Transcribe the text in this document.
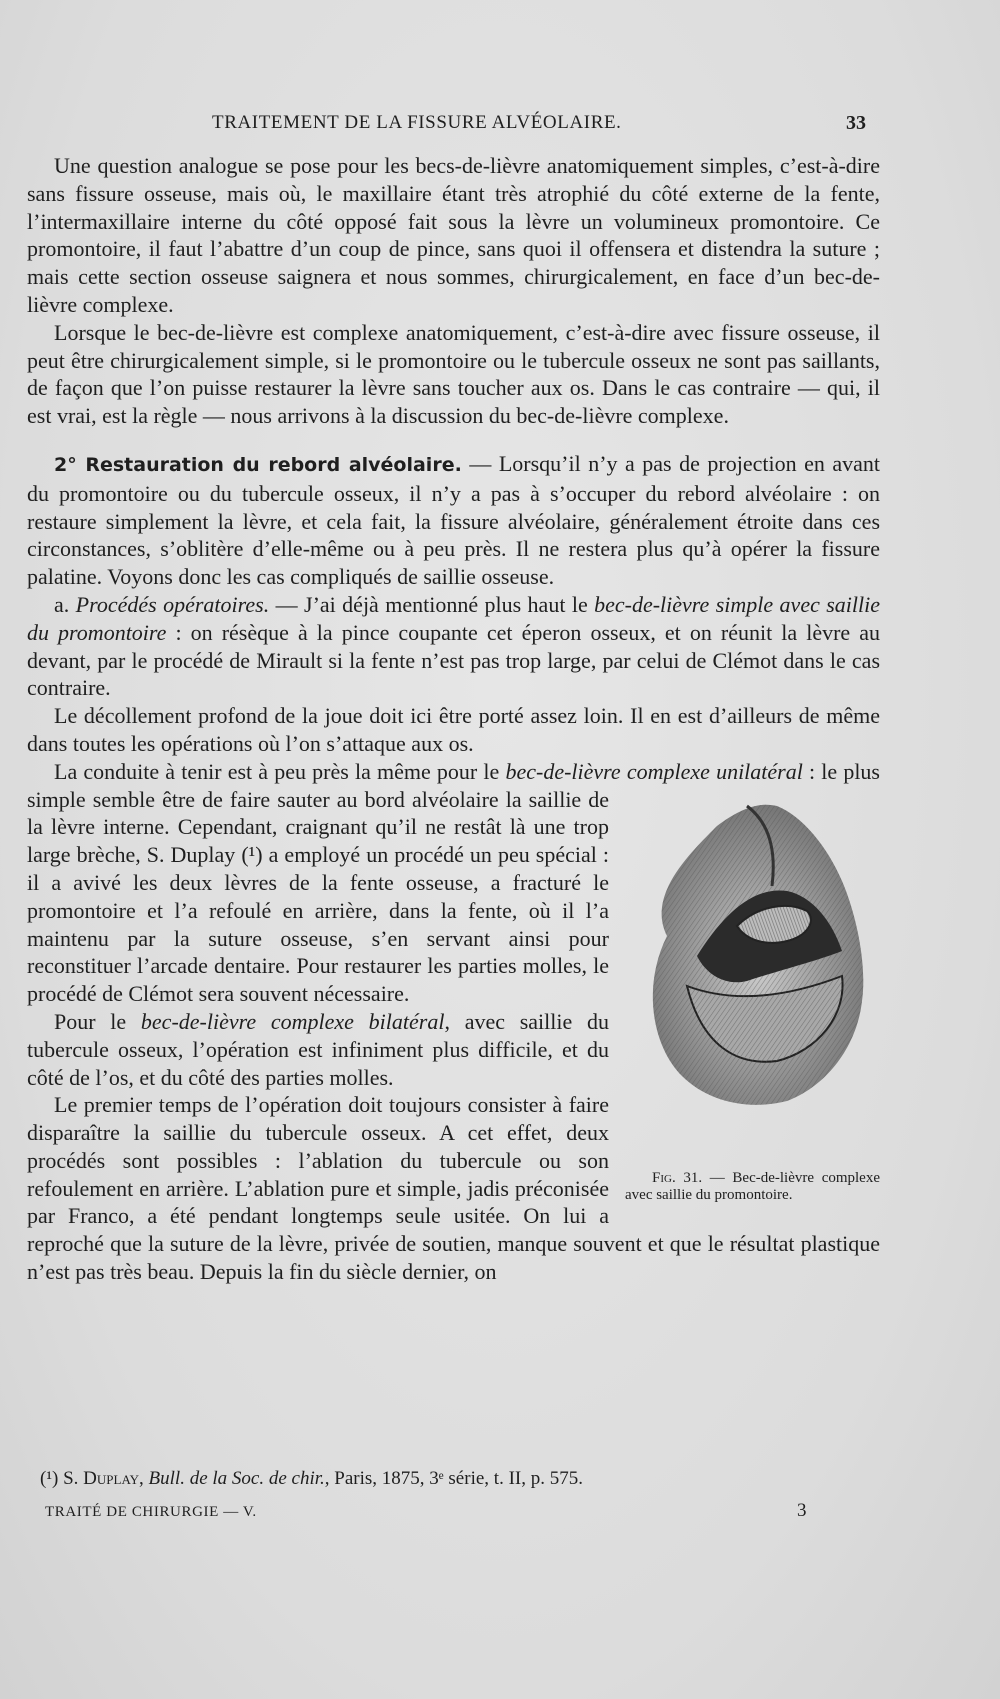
TRAITEMENT DE LA FISSURE ALVÉOLAIRE.	33

Une question analogue se pose pour les becs-de-lièvre anatomiquement simples, c’est-à-dire sans fissure osseuse, mais où, le maxillaire étant très atrophié du côté externe de la fente, l’intermaxillaire interne du côté opposé fait sous la lèvre un volumineux promontoire. Ce promontoire, il faut l’abattre d’un coup de pince, sans quoi il offensera et distendra la suture ; mais cette section osseuse saignera et nous sommes, chirurgicalement, en face d’un bec-de-lièvre complexe.

Lorsque le bec-de-lièvre est complexe anatomiquement, c’est-à-dire avec fissure osseuse, il peut être chirurgicalement simple, si le promontoire ou le tubercule osseux ne sont pas saillants, de façon que l’on puisse restaurer la lèvre sans toucher aux os. Dans le cas contraire — qui, il est vrai, est la règle — nous arrivons à la discussion du bec-de-lièvre complexe.

2° Restauration du rebord alvéolaire. — Lorsqu’il n’y a pas de projection en avant du promontoire ou du tubercule osseux, il n’y a pas à s’occuper du rebord alvéolaire : on restaure simplement la lèvre, et cela fait, la fissure alvéolaire, généralement étroite dans ces circonstances, s’oblitère d’elle-même ou à peu près. Il ne restera plus qu’à opérer la fissure palatine. Voyons donc les cas compliqués de saillie osseuse.

a. Procédés opératoires. — J’ai déjà mentionné plus haut le bec-de-lièvre simple avec saillie du promontoire : on résèque à la pince coupante cet éperon osseux, et on réunit la lèvre au devant, par le procédé de Mirault si la fente n’est pas trop large, par celui de Clémot dans le cas contraire.

Le décollement profond de la joue doit ici être porté assez loin. Il en est d’ailleurs de même dans toutes les opérations où l’on s’attaque aux os.

La conduite à tenir est à peu près la même pour le bec-de-lièvre complexe unilatéral
Fig. 31. — Bec-de-lièvre complexe avec saillie du promontoire.
: le plus simple semble être de faire sauter au bord alvéolaire la saillie de la lèvre interne. Cependant, craignant qu’il ne restât là une trop large brèche, S. Duplay (¹) a employé un procédé un peu spécial : il a avivé les deux lèvres de la fente osseuse, a fracturé le promontoire et l’a refoulé en arrière, dans la fente, où il l’a maintenu par la suture osseuse, s’en servant ainsi pour reconstituer l’arcade dentaire. Pour restaurer les parties molles, le procédé de Clémot sera souvent nécessaire.

Pour le bec-de-lièvre complexe bilatéral, avec saillie du tubercule osseux, l’opération est infiniment plus difficile, et du côté de l’os, et du côté des parties molles.

Le premier temps de l’opération doit toujours consister à faire disparaître la saillie du tubercule osseux. A cet effet, deux procédés sont possibles : l’ablation du tubercule ou son refoulement en arrière. L’ablation pure et simple, jadis préconisée par Franco, a été pendant longtemps seule usitée. On lui a reproché que la suture de la lèvre, privée de soutien, manque souvent et que le résultat plastique n’est pas très beau. Depuis la fin du siècle dernier, on

(¹) S. Duplay, Bull. de la Soc. de chir., Paris, 1875, 3ᵉ série, t. II, p. 575.
TRAITÉ DE CHIRURGIE — V.	3
